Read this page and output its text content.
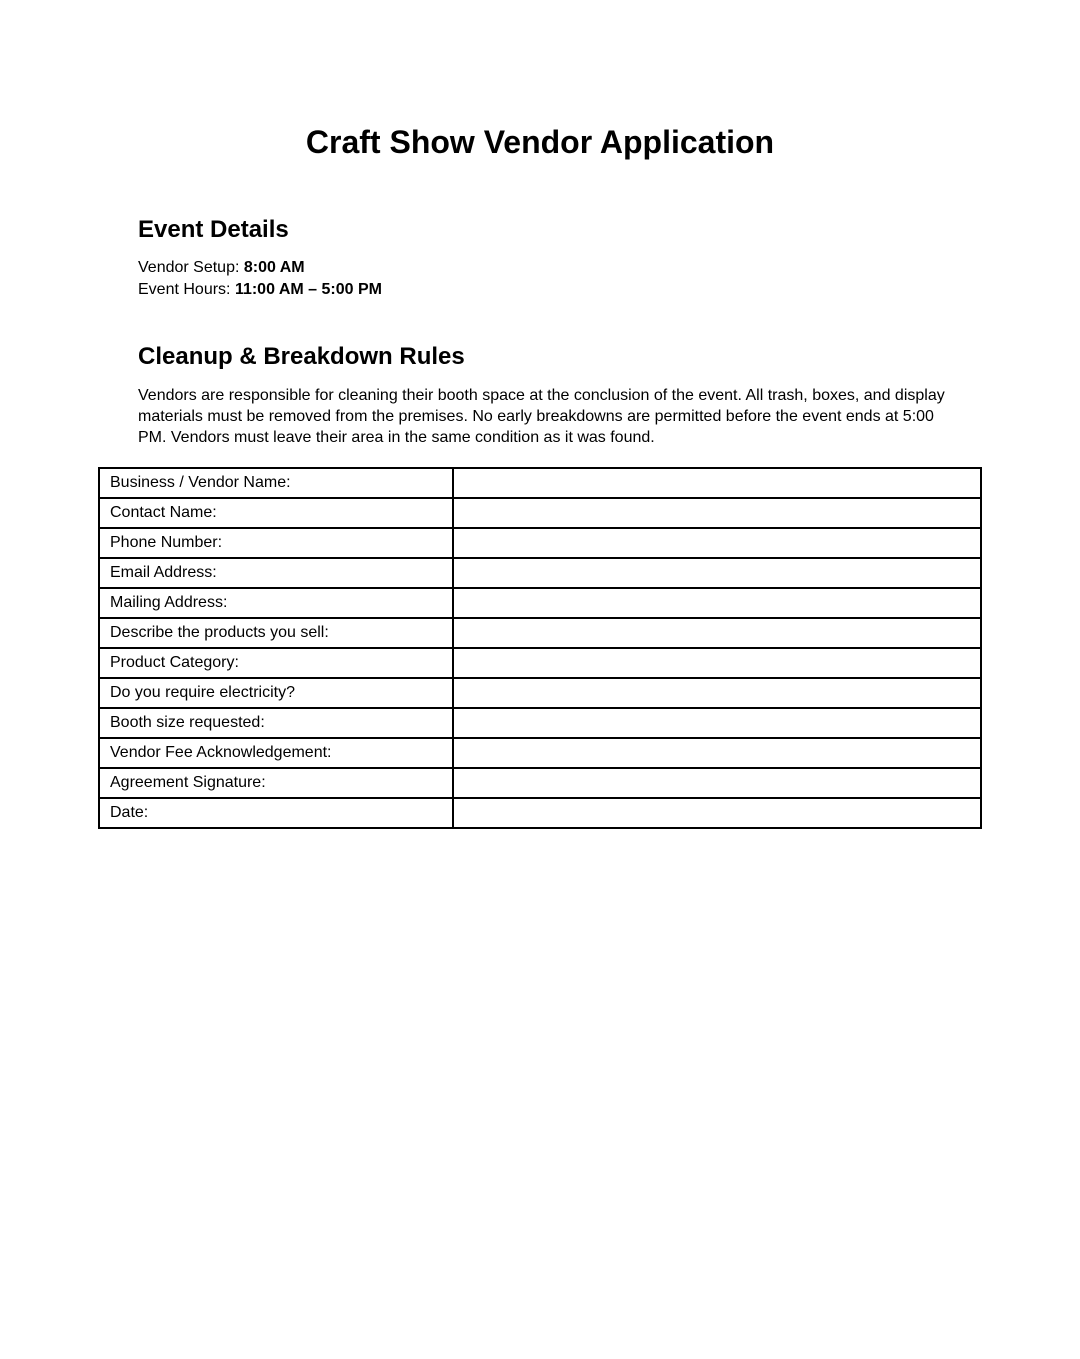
Craft Show Vendor Application
Event Details

Vendor Setup: 8:00 AM

Event Hours: 11:00 AM – 5:00 PM

Cleanup & Breakdown Rules

Vendors are responsible for cleaning their booth space at the conclusion of the event. All trash, boxes, and display materials must be removed from the premises. No early breakdowns are permitted before the event ends at 5:00 PM. Vendors must leave their area in the same condition as it was found.

Business / Vendor Name:	
Contact Name:	
Phone Number:	
Email Address:	
Mailing Address:	
Describe the products you sell:	
Product Category:	
Do you require electricity?	
Booth size requested:	
Vendor Fee Acknowledgement:	
Agreement Signature:	
Date:	
